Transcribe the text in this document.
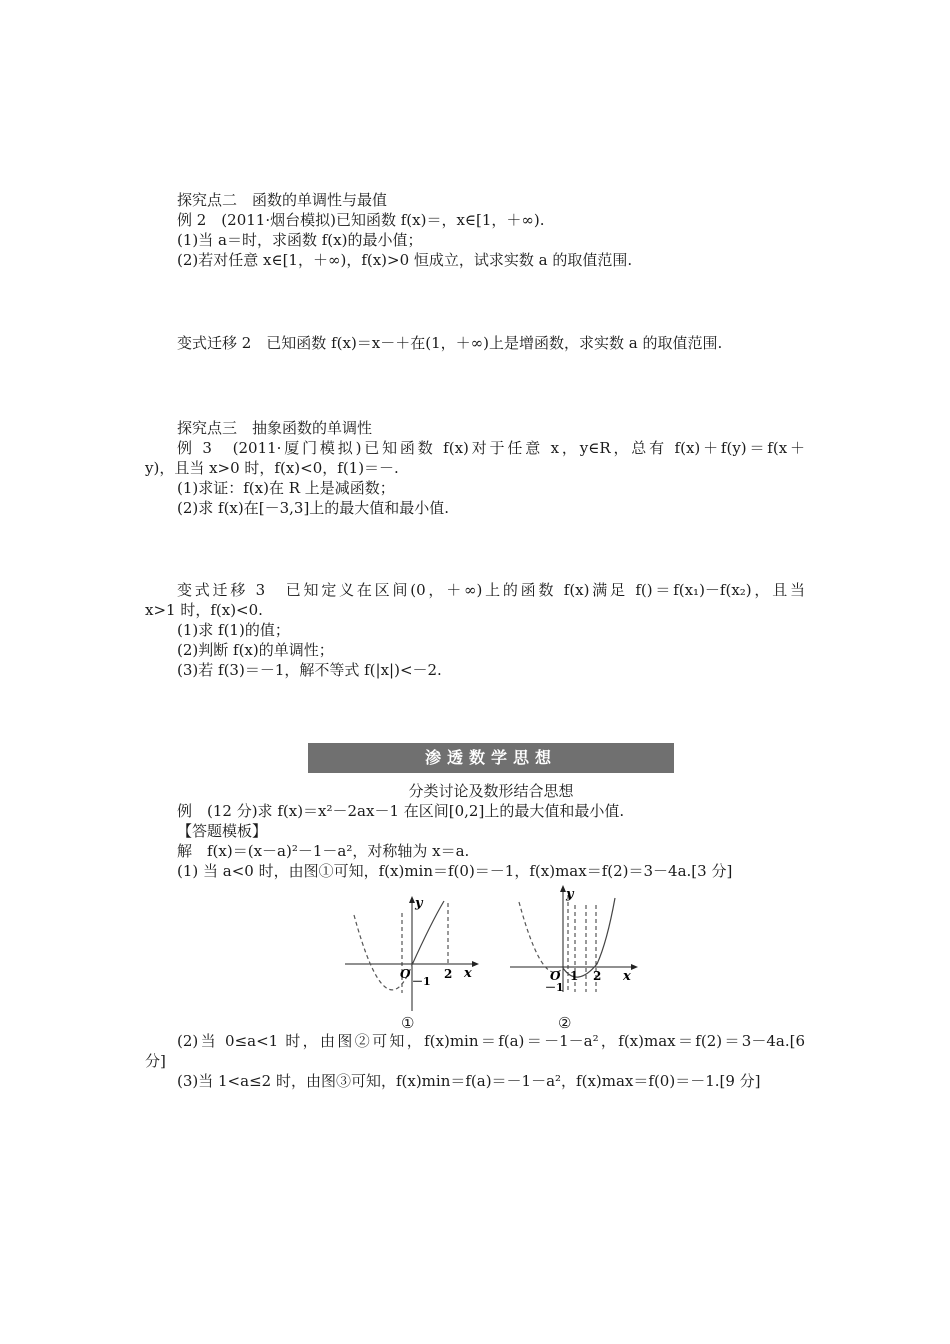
探究点二　函数的单调性与最值
例 2　(2011·烟台模拟)已知函数 f(x)＝，x∈[1，＋∞).
(1)当 a＝时，求函数 f(x)的最小值；
(2)若对任意 x∈[1，＋∞)，f(x)>0 恒成立，试求实数 a 的取值范围.
变式迁移 2　已知函数 f(x)＝x－＋在(1，＋∞)上是增函数，求实数 a 的取值范围.
探究点三　抽象函数的单调性
例 3　(2011·厦门模拟)已知函数 f(x)对于任意 x，y∈R，总有 f(x)＋f(y)＝f(x＋
y)，且当 x>0 时，f(x)<0，f(1)＝－.
(1)求证：f(x)在 R 上是减函数；
(2)求 f(x)在[－3,3]上的最大值和最小值.
变式迁移 3　已知定义在区间(0，＋∞)上的函数 f(x)满足 f()＝f(x₁)－f(x₂)，且当
x>1 时，f(x)<0.
(1)求 f(1)的值；
(2)判断 f(x)的单调性；
(3)若 f(3)＝－1，解不等式 f(|x|)<－2.
渗透数学思想
分类讨论及数形结合思想
例　(12 分)求 f(x)＝x²－2ax－1 在区间[0,2]上的最大值和最小值.
【答题模板】
解　f(x)＝(x－a)²－1－a²，对称轴为 x＝a.
(1) 当 a<0 时，由图①可知，f(x)min＝f(0)＝－1，f(x)max＝f(2)＝3－4a.[3 分]
y
x
O	2
－1
①
y
x
O 1 2
－1
②
(2)当 0≤a<1 时，由图②可知，f(x)min＝f(a)＝－1－a²，f(x)max＝f(2)＝3－4a.[6
分]
(3)当 1<a≤2 时，由图③可知，f(x)min＝f(a)＝－1－a²，f(x)max＝f(0)＝－1.[9 分]
